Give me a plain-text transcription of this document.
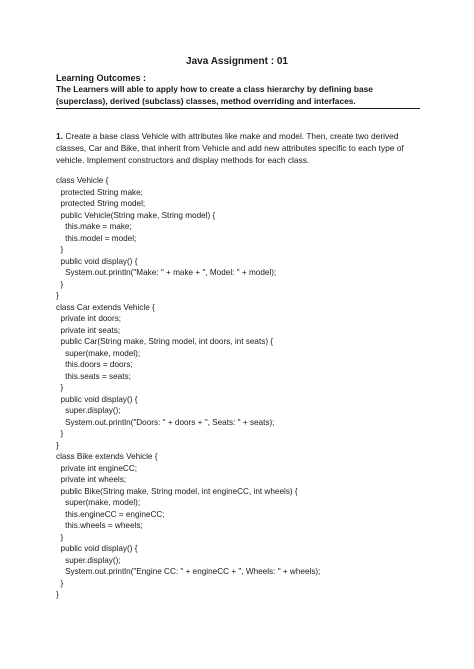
Java Assignment : 01
Learning Outcomes :
The Learners will able to apply how to create a class hierarchy by defining base (superclass), derived (subclass) classes, method overriding and interfaces.
1. Create a base class Vehicle with attributes like make and model. Then, create two derived classes, Car and Bike, that inherit from Vehicle and add new attributes specific to each type of vehicle. Implement constructors and display methods for each class.
class Vehicle {
protected String make;
protected String model;
public Vehicle(String make, String model) {
this.make = make;
this.model = model;
}
public void display() {
System.out.println("Make: " + make + ", Model: " + model);
}
}
class Car extends Vehicle {
private int doors;
private int seats;
public Car(String make, String model, int doors, int seats) {
super(make, model);
this.doors = doors;
this.seats = seats;
}
public void display() {
super.display();
System.out.println("Doors: " + doors + ", Seats: " + seats);
}
}
class Bike extends Vehicle {
private int engineCC;
private int wheels;
public Bike(String make, String model, int engineCC, int wheels) {
super(make, model);
this.engineCC = engineCC;
this.wheels = wheels;
}
public void display() {
super.display();
System.out.println("Engine CC: " + engineCC + ", Wheels: " + wheels);
}
}
